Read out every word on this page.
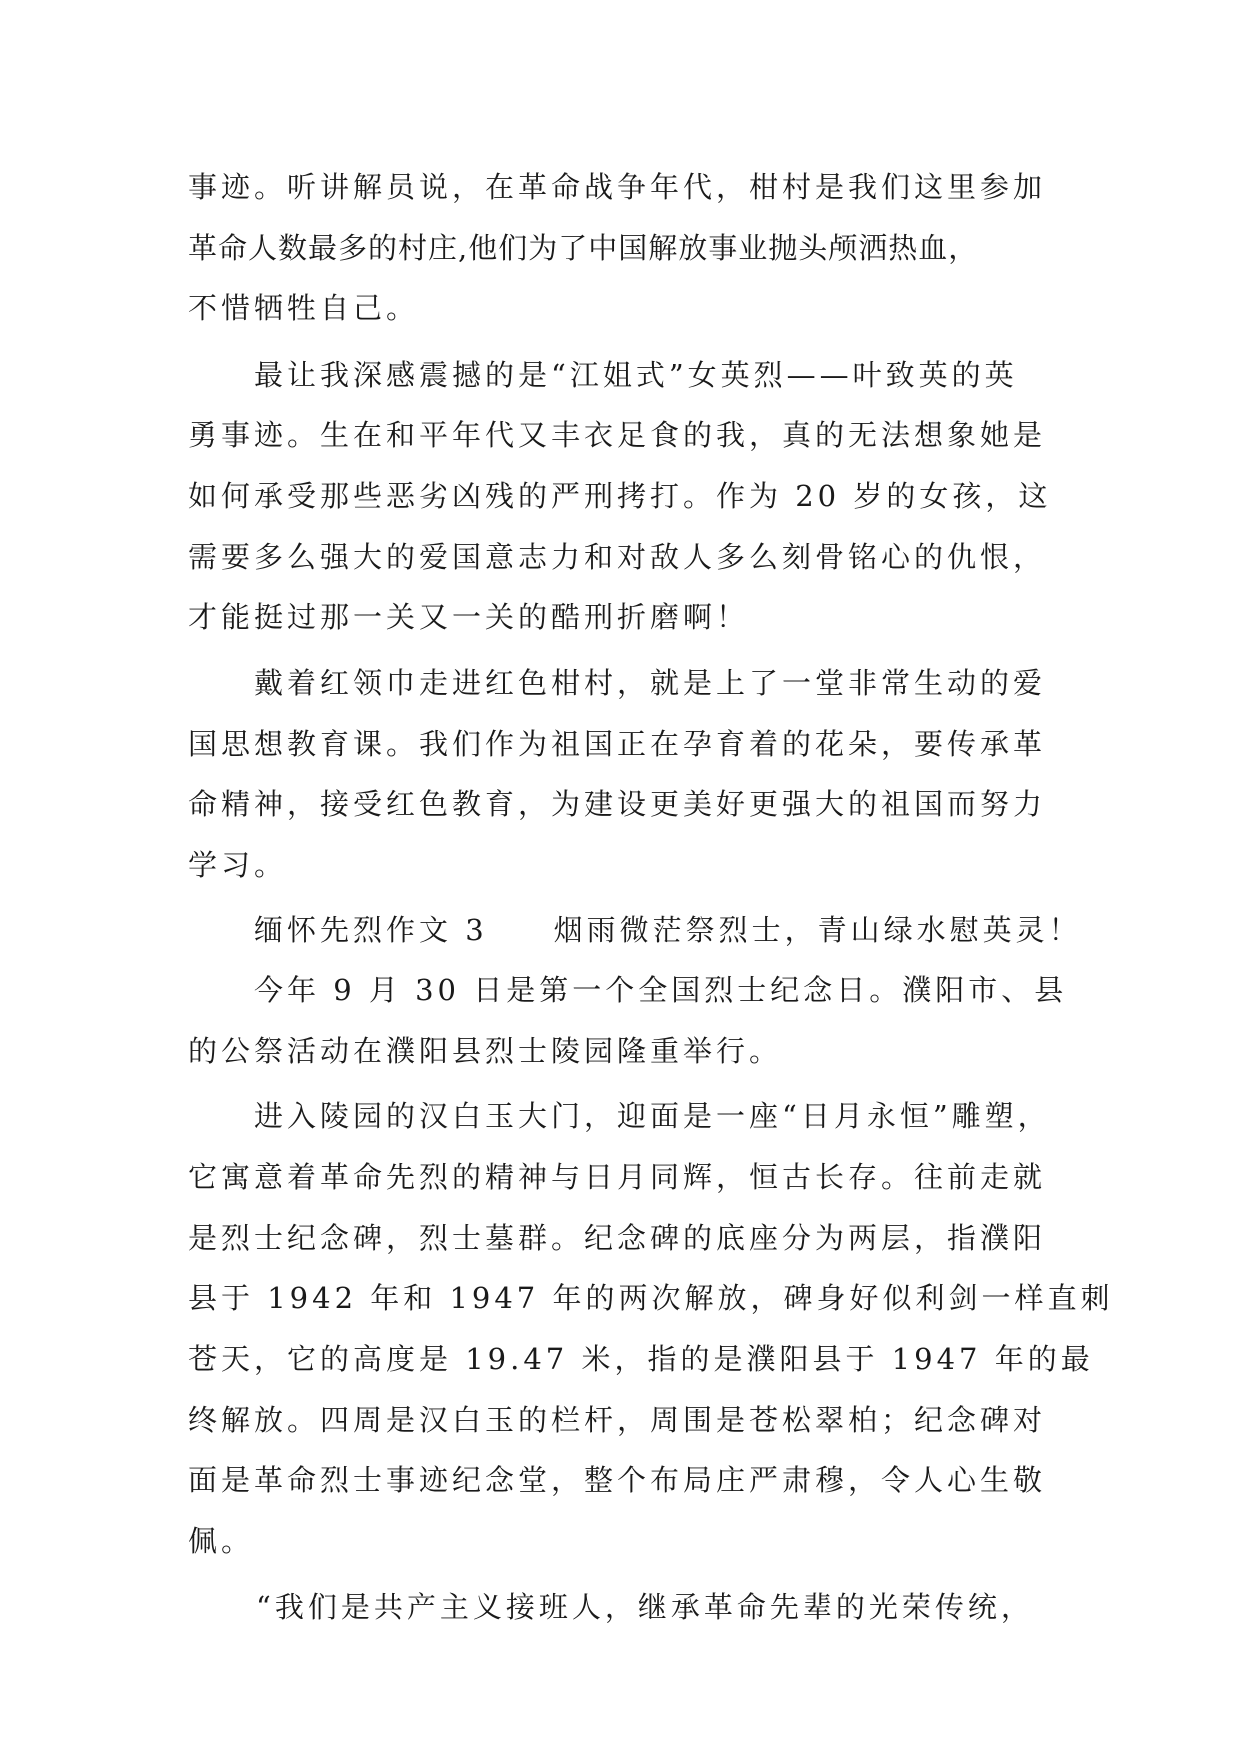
事迹。听讲解员说，在革命战争年代，柑村是我们这里参加
革命人数最多的村庄,他们为了中国解放事业抛头颅洒热血，
不惜牺牲自己。
最让我深感震撼的是“江姐式”女英烈——叶致英的英
勇事迹。生在和平年代又丰衣足食的我，真的无法想象她是
如何承受那些恶劣凶残的严刑拷打。作为 20 岁的女孩，这
需要多么强大的爱国意志力和对敌人多么刻骨铭心的仇恨，
才能挺过那一关又一关的酷刑折磨啊！
戴着红领巾走进红色柑村，就是上了一堂非常生动的爱
国思想教育课。我们作为祖国正在孕育着的花朵，要传承革
命精神，接受红色教育，为建设更美好更强大的祖国而努力
学习。
缅怀先烈作文 3　　烟雨微茫祭烈士，青山绿水慰英灵！
今年 9 月 30 日是第一个全国烈士纪念日。濮阳市、县
的公祭活动在濮阳县烈士陵园隆重举行。
进入陵园的汉白玉大门，迎面是一座“日月永恒”雕塑，
它寓意着革命先烈的精神与日月同辉，恒古长存。往前走就
是烈士纪念碑，烈士墓群。纪念碑的底座分为两层，指濮阳
县于 1942 年和 1947 年的两次解放，碑身好似利剑一样直刺
苍天，它的高度是 19.47 米，指的是濮阳县于 1947 年的最
终解放。四周是汉白玉的栏杆，周围是苍松翠柏；纪念碑对
面是革命烈士事迹纪念堂，整个布局庄严肃穆，令人心生敬
佩。
“我们是共产主义接班人，继承革命先辈的光荣传统，
